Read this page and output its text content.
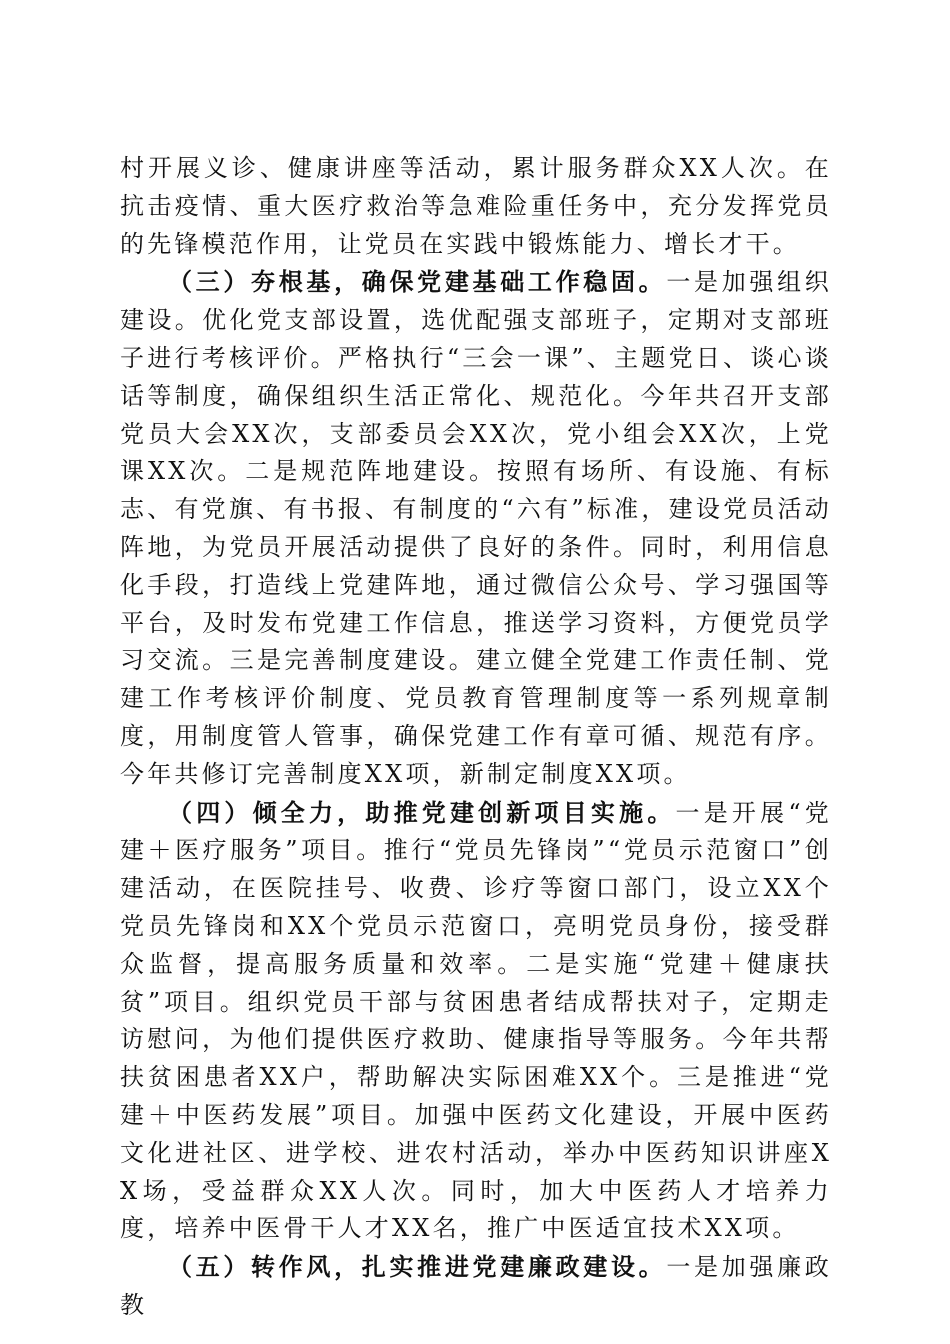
村开展义诊、健康讲座等活动，累计服务群众XX人次。在抗击疫情、重大医疗救治等急难险重任务中，充分发挥党员的先锋模范作用，让党员在实践中锻炼能力、增长才干。

（三）夯根基，确保党建基础工作稳固。一是加强组织建设。优化党支部设置，选优配强支部班子，定期对支部班子进行考核评价。严格执行“三会一课”、主题党日、谈心谈话等制度，确保组织生活正常化、规范化。今年共召开支部党员大会XX次，支部委员会XX次，党小组会XX次，上党课XX次。二是规范阵地建设。按照有场所、有设施、有标志、有党旗、有书报、有制度的“六有”标准，建设党员活动阵地，为党员开展活动提供了良好的条件。同时，利用信息化手段，打造线上党建阵地，通过微信公众号、学习强国等平台，及时发布党建工作信息，推送学习资料，方便党员学习交流。三是完善制度建设。建立健全党建工作责任制、党建工作考核评价制度、党员教育管理制度等一系列规章制度，用制度管人管事，确保党建工作有章可循、规范有序。今年共修订完善制度XX项，新制定制度XX项。

（四）倾全力，助推党建创新项目实施。一是开展“党建＋医疗服务”项目。推行“党员先锋岗”“党员示范窗口”创建活动，在医院挂号、收费、诊疗等窗口部门，设立XX个党员先锋岗和XX个党员示范窗口，亮明党员身份，接受群众监督，提高服务质量和效率。二是实施“党建＋健康扶贫”项目。组织党员干部与贫困患者结成帮扶对子，定期走访慰问，为他们提供医疗救助、健康指导等服务。今年共帮扶贫困患者XX户，帮助解决实际困难XX个。三是推进“党建＋中医药发展”项目。加强中医药文化建设，开展中医药文化进社区、进学校、进农村活动，举办中医药知识讲座XX场，受益群众XX人次。同时，加大中医药人才培养力度，培养中医骨干人才XX名，推广中医适宜技术XX项。

（五）转作风，扎实推进党建廉政建设。一是加强廉政教
